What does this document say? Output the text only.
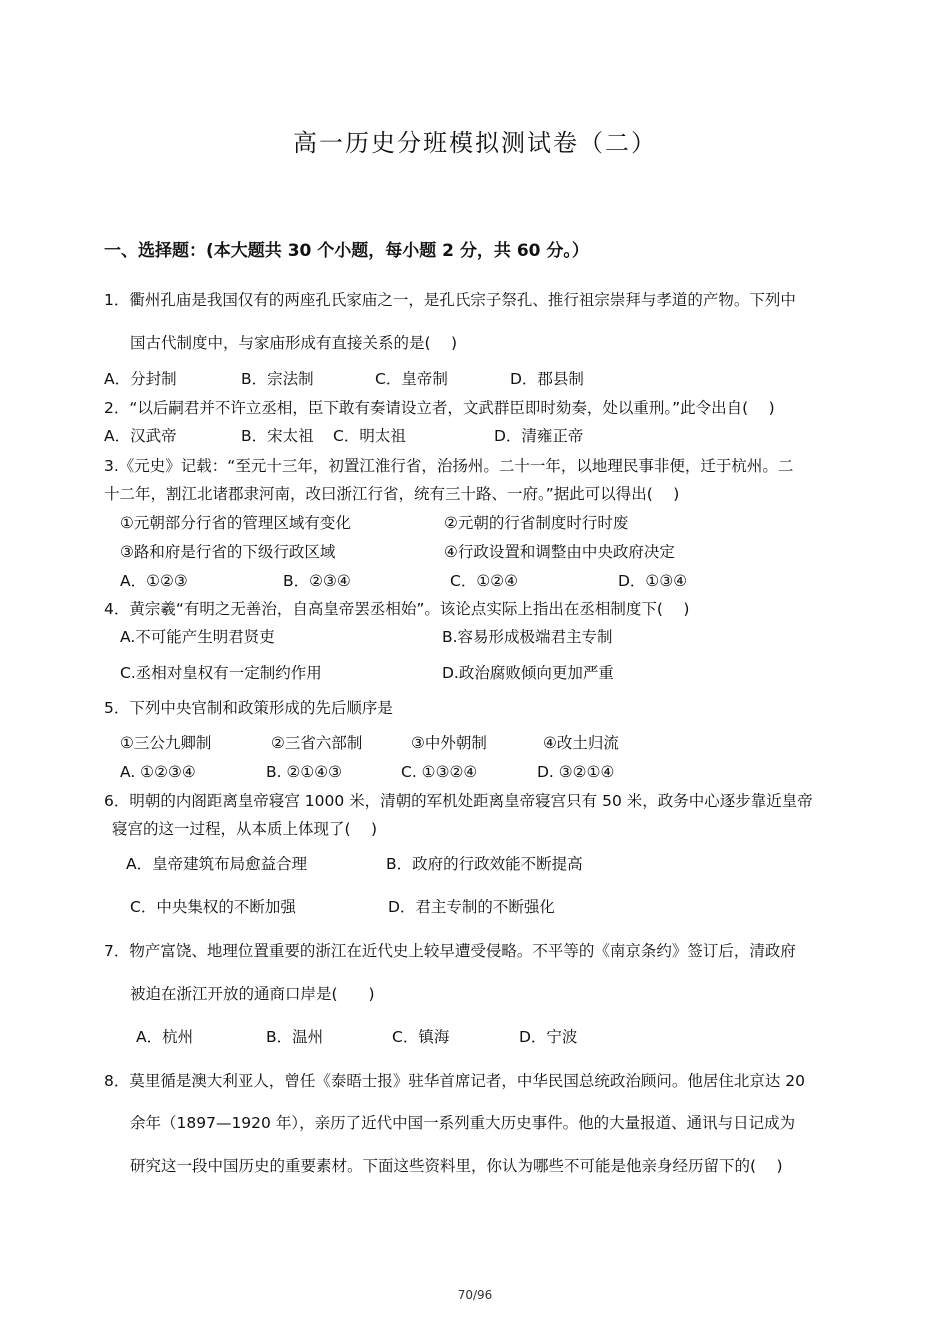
高一历史分班模拟测试卷（二）
一、选择题：(本大题共 30 个小题，每小题 2 分，共 60 分。）
1．衢州孔庙是我国仅有的两座孔氏家庙之一，是孔氏宗子祭孔、推行祖宗崇拜与孝道的产物。下列中
国古代制度中，与家庙形成有直接关系的是(　 )
A．分封制	B．宗法制	C．皇帝制	D．郡县制
2．“以后嗣君并不许立丞相，臣下敢有奏请设立者，文武群臣即时劾奏，处以重刑。”此令出自(　 )
A．汉武帝	B．宋太祖 C．明太祖	D．清雍正帝
3.《元史》记载：“至元十三年，初置江淮行省，治扬州。二十一年，以地理民事非便，迁于杭州。二
十二年，割江北诸郡隶河南，改曰浙江行省，统有三十路、一府。”据此可以得出(　 )
①元朝部分行省的管理区域有变化	②元朝的行省制度时行时废
③路和府是行省的下级行政区域	④行政设置和调整由中央政府决定
A．①②③	B．②③④	C．①②④	D．①③④
4．黄宗羲“有明之无善治，自高皇帝罢丞相始”。该论点实际上指出在丞相制度下(　 )
A.不可能产生明君贤吏	B.容易形成极端君主专制
C.丞相对皇权有一定制约作用	D.政治腐败倾向更加严重
5．下列中央官制和政策形成的先后顺序是
①三公九卿制	②三省六部制	③中外朝制	④改土归流
A. ①②③④	B. ②①④③	C. ①③②④	D. ③②①④
6．明朝的内阁距离皇帝寝宫 1000 米，清朝的军机处距离皇帝寝宫只有 50 米，政务中心逐步靠近皇帝
寝宫的这一过程，从本质上体现了(　 )
A．皇帝建筑布局愈益合理	B．政府的行政效能不断提高
C．中央集权的不断加强	D．君主专制的不断强化
7．物产富饶、地理位置重要的浙江在近代史上较早遭受侵略。不平等的《南京条约》签订后，清政府
被迫在浙江开放的通商口岸是(　　)
A．杭州	B．温州	C．镇海	D．宁波
8．莫里循是澳大利亚人，曾任《泰晤士报》驻华首席记者，中华民国总统政治顾问。他居住北京达 20
余年（1897—1920 年），亲历了近代中国一系列重大历史事件。他的大量报道、通讯与日记成为
研究这一段中国历史的重要素材。下面这些资料里，你认为哪些不可能是他亲身经历留下的(　 )
70/96
